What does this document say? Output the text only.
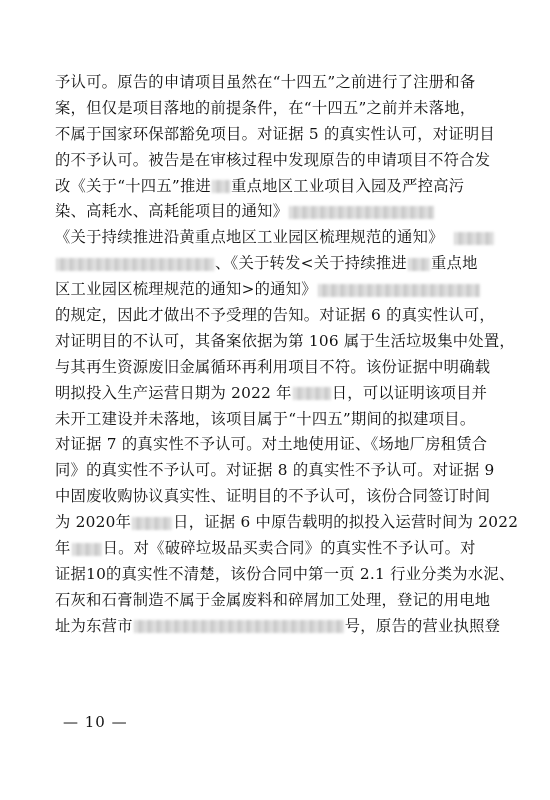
予认可。原告的申请项目虽然在“十四五”之前进行了注册和备
案，但仅是项目落地的前提条件，在“十四五”之前并未落地，
不属于国家环保部豁免项目。对证据 5 的真实性认可，对证明目
的不予认可。被告是在审核过程中发现原告的申请项目不符合发
改《关于“十四五”推进 重点地区工业项目入园及严控高污
染、高耗水、高耗能项目的通知》
《关于持续推进沿黄重点地区工业园区梳理规范的通知》
、《关于转发<关于持续推进 重点地
区工业园区梳理规范的通知>的通知》
的规定，因此才做出不予受理的告知。对证据 6 的真实性认可，
对证明目的不认可，其备案依据为第 106 属于生活垃圾集中处置，
与其再生资源废旧金属循环再利用项目不符。该份证据中明确载
明拟投入生产运营日期为 2022 年	日，可以证明该项目并
未开工建设并未落地，该项目属于“十四五”期间的拟建项目。
对证据 7 的真实性不予认可。对土地使用证、《场地厂房租赁合
同》的真实性不予认可。对证据 8 的真实性不予认可。对证据 9
中固废收购协议真实性、证明目的不予认可，该份合同签订时间
为 2020年	日，证据 6 中原告载明的拟投入运营时间为 2022
年 日。对《破碎垃圾品买卖合同》的真实性不予认可。对
证据10的真实性不清楚，该份合同中第一页 2.1 行业分类为水泥、
石灰和石膏制造不属于金属废料和碎屑加工处理，登记的用电地
址为东营市	号，原告的营业执照登
— 10 —
